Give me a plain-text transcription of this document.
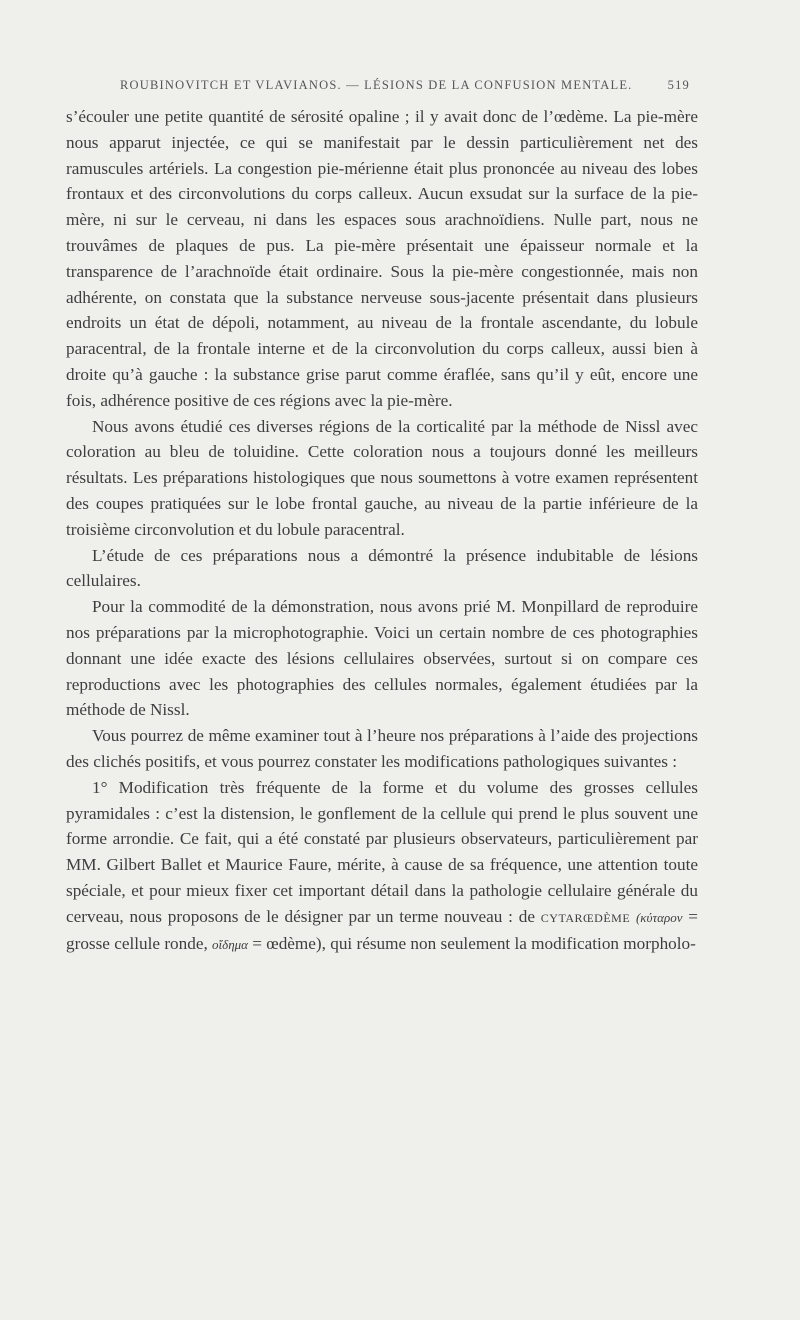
ROUBINOVITCH ET VLAVIANOS. — LÉSIONS DE LA CONFUSION MENTALE.	519

s’écouler une petite quantité de sérosité opaline ; il y avait donc de l’œdème. La pie-mère nous apparut injectée, ce qui se manifestait par le dessin particulièrement net des ramuscules artériels. La congestion pie-mérienne était plus prononcée au niveau des lobes frontaux et des circonvolutions du corps calleux. Aucun exsudat sur la surface de la pie-mère, ni sur le cerveau, ni dans les espaces sous arachnoïdiens. Nulle part, nous ne trouvâmes de plaques de pus. La pie-mère présentait une épaisseur normale et la transparence de l’arachnoïde était ordinaire. Sous la pie-mère congestionnée, mais non adhérente, on constata que la substance nerveuse sous-jacente présentait dans plusieurs endroits un état de dépoli, notamment, au niveau de la frontale ascendante, du lobule paracentral, de la frontale interne et de la circonvolution du corps calleux, aussi bien à droite qu’à gauche : la substance grise parut comme éraflée, sans qu’il y eût, encore une fois, adhérence positive de ces régions avec la pie-mère.

Nous avons étudié ces diverses régions de la corticalité par la méthode de Nissl avec coloration au bleu de toluidine. Cette coloration nous a toujours donné les meilleurs résultats. Les préparations histologiques que nous soumettons à votre examen représentent des coupes pratiquées sur le lobe frontal gauche, au niveau de la partie inférieure de la troisième circonvolution et du lobule paracentral.

L’étude de ces préparations nous a démontré la présence indubitable de lésions cellulaires.

Pour la commodité de la démonstration, nous avons prié M. Monpillard de reproduire nos préparations par la microphotographie. Voici un certain nombre de ces photographies donnant une idée exacte des lésions cellulaires observées, surtout si on compare ces reproductions avec les photographies des cellules normales, également étudiées par la méthode de Nissl.

Vous pourrez de même examiner tout à l’heure nos préparations à l’aide des projections des clichés positifs, et vous pourrez constater les modifications pathologiques suivantes :

1° Modification très fréquente de la forme et du volume des grosses cellules pyramidales : c’est la distension, le gonflement de la cellule qui prend le plus souvent une forme arrondie. Ce fait, qui a été constaté par plusieurs observateurs, particulièrement par MM. Gilbert Ballet et Maurice Faure, mérite, à cause de sa fréquence, une attention toute spéciale, et pour mieux fixer cet important détail dans la pathologie cellulaire générale du cerveau, nous proposons de le désigner par un terme nouveau : de cytarœdème (κύταρον = grosse cellule ronde, οἴδημα = œdème), qui résume non seulement la modification morpholo-
